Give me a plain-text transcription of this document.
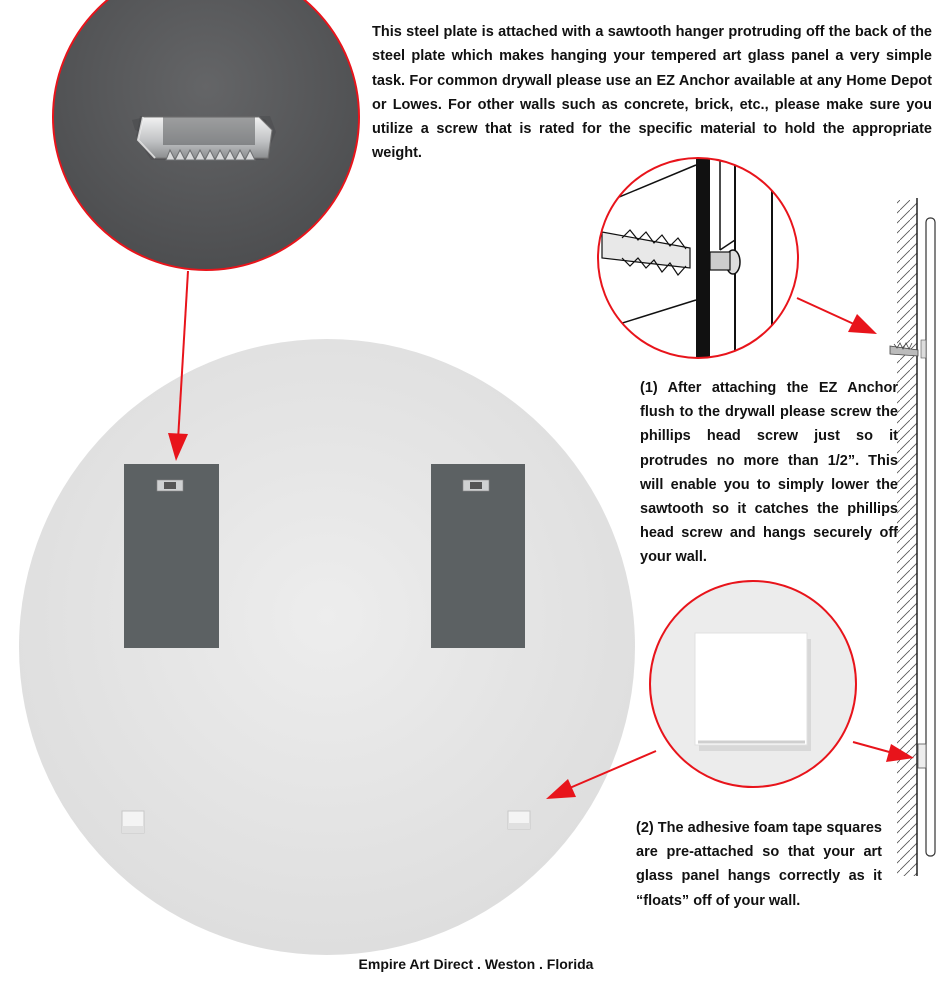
This steel plate is attached with a sawtooth hanger protruding off the back of the steel plate which makes hanging your tempered art glass panel a very simple task. For common drywall please use an EZ Anchor available at any Home Depot or Lowes. For other walls such as concrete, brick, etc., please make sure you utilize a screw that is rated for the specific material to hold the appropriate weight.
(1) After attaching the EZ Anchor flush to the drywall please screw the phillips head screw just so it protrudes no more than 1/2”. This will enable you to simply lower the sawtooth so it catches the phillips head screw and hangs securely off your wall.
(2) The adhesive foam tape squares are pre-attached so that your art glass panel hangs correctly as it “floats” off of your wall.
Empire Art Direct . Weston . Florida
